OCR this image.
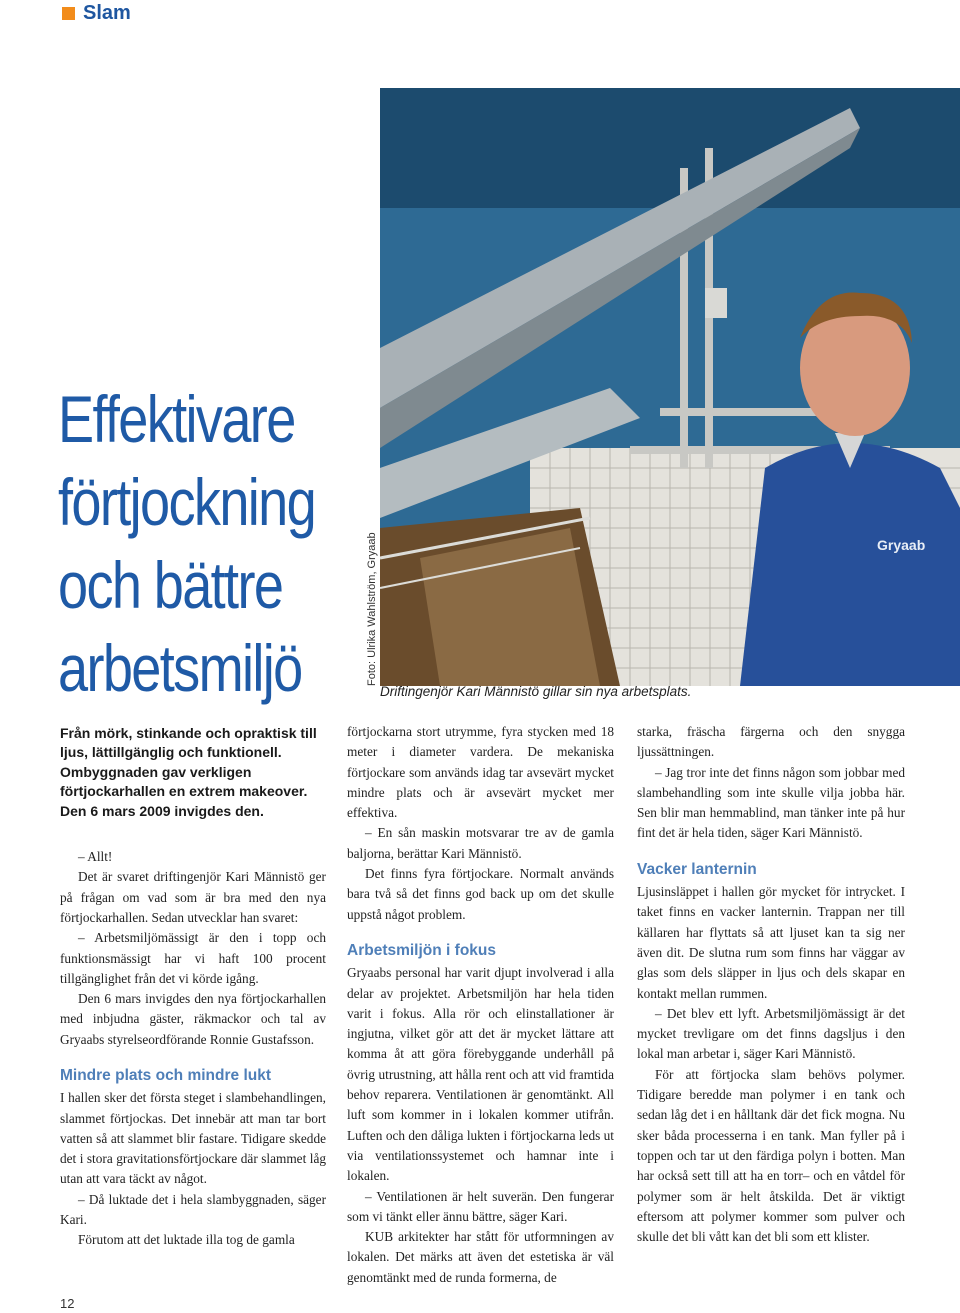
Slam
Effektivare
förtjockning
och bättre
arbetsmiljö
Gryaab
Foto: Ulrika Wahlström, Gryaab
Driftingenjör Kari Männistö gillar sin nya arbetsplats.

Från mörk, stinkande och opraktisk till ljus, lättillgänglig och funktionell. Ombyggnaden gav verkligen förtjockarhallen en extrem makeover. Den 6 mars 2009 invigdes den.

– Allt!

Det är svaret driftingenjör Kari Männistö ger på frågan om vad som är bra med den nya förtjockarhallen. Sedan utvecklar han svaret:

– Arbetsmiljömässigt är den i topp och funktionsmässigt har vi haft 100 procent tillgänglighet från det vi körde igång.

Den 6 mars invigdes den nya förtjockarhallen med inbjudna gäster, räkmackor och tal av Gryaabs styrelseordförande Ronnie Gustafsson.

Mindre plats och mindre lukt

I hallen sker det första steget i slambehandlingen, slammet förtjockas. Det innebär att man tar bort vatten så att slammet blir fastare. Tidigare skedde det i stora gravitationsförtjockare där slammet låg utan att vara täckt av något.

– Då luktade det i hela slambyggnaden, säger Kari.

Förutom att det luktade illa tog de gamla

förtjockarna stort utrymme, fyra stycken med 18 meter i diameter vardera. De mekaniska förtjockare som används idag tar avsevärt mycket mindre plats och är avsevärt mycket mer effektiva.

– En sån maskin motsvarar tre av de gamla baljorna, berättar Kari Männistö.

Det finns fyra förtjockare. Normalt används bara två så det finns god back up om det skulle uppstå något problem.

Arbetsmiljön i fokus

Gryaabs personal har varit djupt involverad i alla delar av projektet. Arbetsmiljön har hela tiden varit i fokus. Alla rör och elinstallationer är ingjutna, vilket gör att det är mycket lättare att komma åt att göra förebyggande underhåll på övrig utrustning, att hålla rent och att vid framtida behov reparera. Ventilationen är genomtänkt. All luft som kommer in i lokalen kommer utifrån. Luften och den dåliga lukten i förtjockarna leds ut via ventilationssystemet och hamnar inte i lokalen.

– Ventilationen är helt suverän. Den fungerar som vi tänkt eller ännu bättre, säger Kari.

KUB arkitekter har stått för utformningen av lokalen. Det märks att även det estetiska är väl genomtänkt med de runda formerna, de

starka, fräscha färgerna och den snygga ljussättningen.

– Jag tror inte det finns någon som jobbar med slambehandling som inte skulle vilja jobba här. Sen blir man hemmablind, man tänker inte på hur fint det är hela tiden, säger Kari Männistö.

Vacker lanternin

Ljusinsläppet i hallen gör mycket för intrycket. I taket finns en vacker lanternin. Trappan ner till källaren har flyttats så att ljuset kan ta sig ner även dit. De slutna rum som finns har väggar av glas som dels släpper in ljus och dels skapar en kontakt mellan rummen.

– Det blev ett lyft. Arbetsmiljömässigt är det mycket trevligare om det finns dagsljus i den lokal man arbetar i, säger Kari Männistö.

För att förtjocka slam behövs polymer. Tidigare beredde man polymer i en tank och sedan låg det i en hålltank där det fick mogna. Nu sker båda processerna i en tank. Man fyller på i toppen och tar ut den färdiga polyn i botten. Man har också sett till att ha en torr– och en våtdel för polymer som är helt åtskilda. Det är viktigt eftersom att polymer kommer som pulver och skulle det bli vått kan det bli som ett klister.

12
